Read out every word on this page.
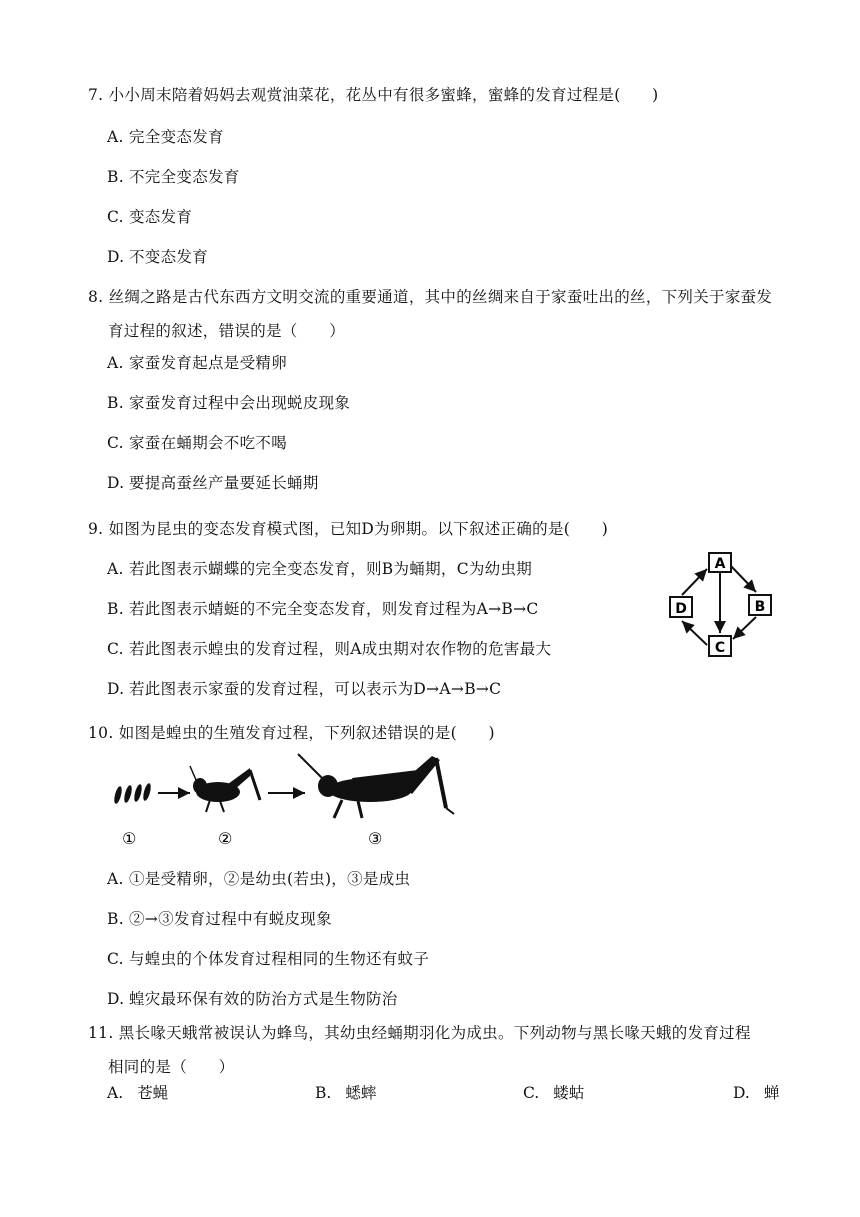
7. 小小周末陪着妈妈去观赏油菜花，花丛中有很多蜜蜂，蜜蜂的发育过程是(　　)
A. 完全变态发育
B. 不完全变态发育
C. 变态发育
D. 不变态发育
8. 丝绸之路是古代东西方文明交流的重要通道，其中的丝绸来自于家蚕吐出的丝，下列关于家蚕发
育过程的叙述，错误的是（　　）
A. 家蚕发育起点是受精卵
B. 家蚕发育过程中会出现蜕皮现象
C. 家蚕在蛹期会不吃不喝
D. 要提高蚕丝产量要延长蛹期
9. 如图为昆虫的变态发育模式图，已知D为卵期。以下叙述正确的是(　　)
A. 若此图表示蝴蝶的完全变态发育，则B为蛹期，C为幼虫期
B. 若此图表示蜻蜓的不完全变态发育，则发育过程为A→B→C
C. 若此图表示蝗虫的发育过程，则A成虫期对农作物的危害最大
D. 若此图表示家蚕的发育过程，可以表示为D→A→B→C
A
B
C
D
10. 如图是蝗虫的生殖发育过程，下列叙述错误的是(　　)
①	②	③
A. ①是受精卵，②是幼虫(若虫)，③是成虫
B. ②→③发育过程中有蜕皮现象
C. 与蝗虫的个体发育过程相同的生物还有蚊子
D. 蝗灾最环保有效的防治方式是生物防治
11. 黑长喙天蛾常被误认为蜂鸟，其幼虫经蛹期羽化为成虫。下列动物与黑长喙天蛾的发育过程
相同的是（　　）
A. 苍蝇	B. 蟋蟀	C. 蝼蛄	D. 蝉
